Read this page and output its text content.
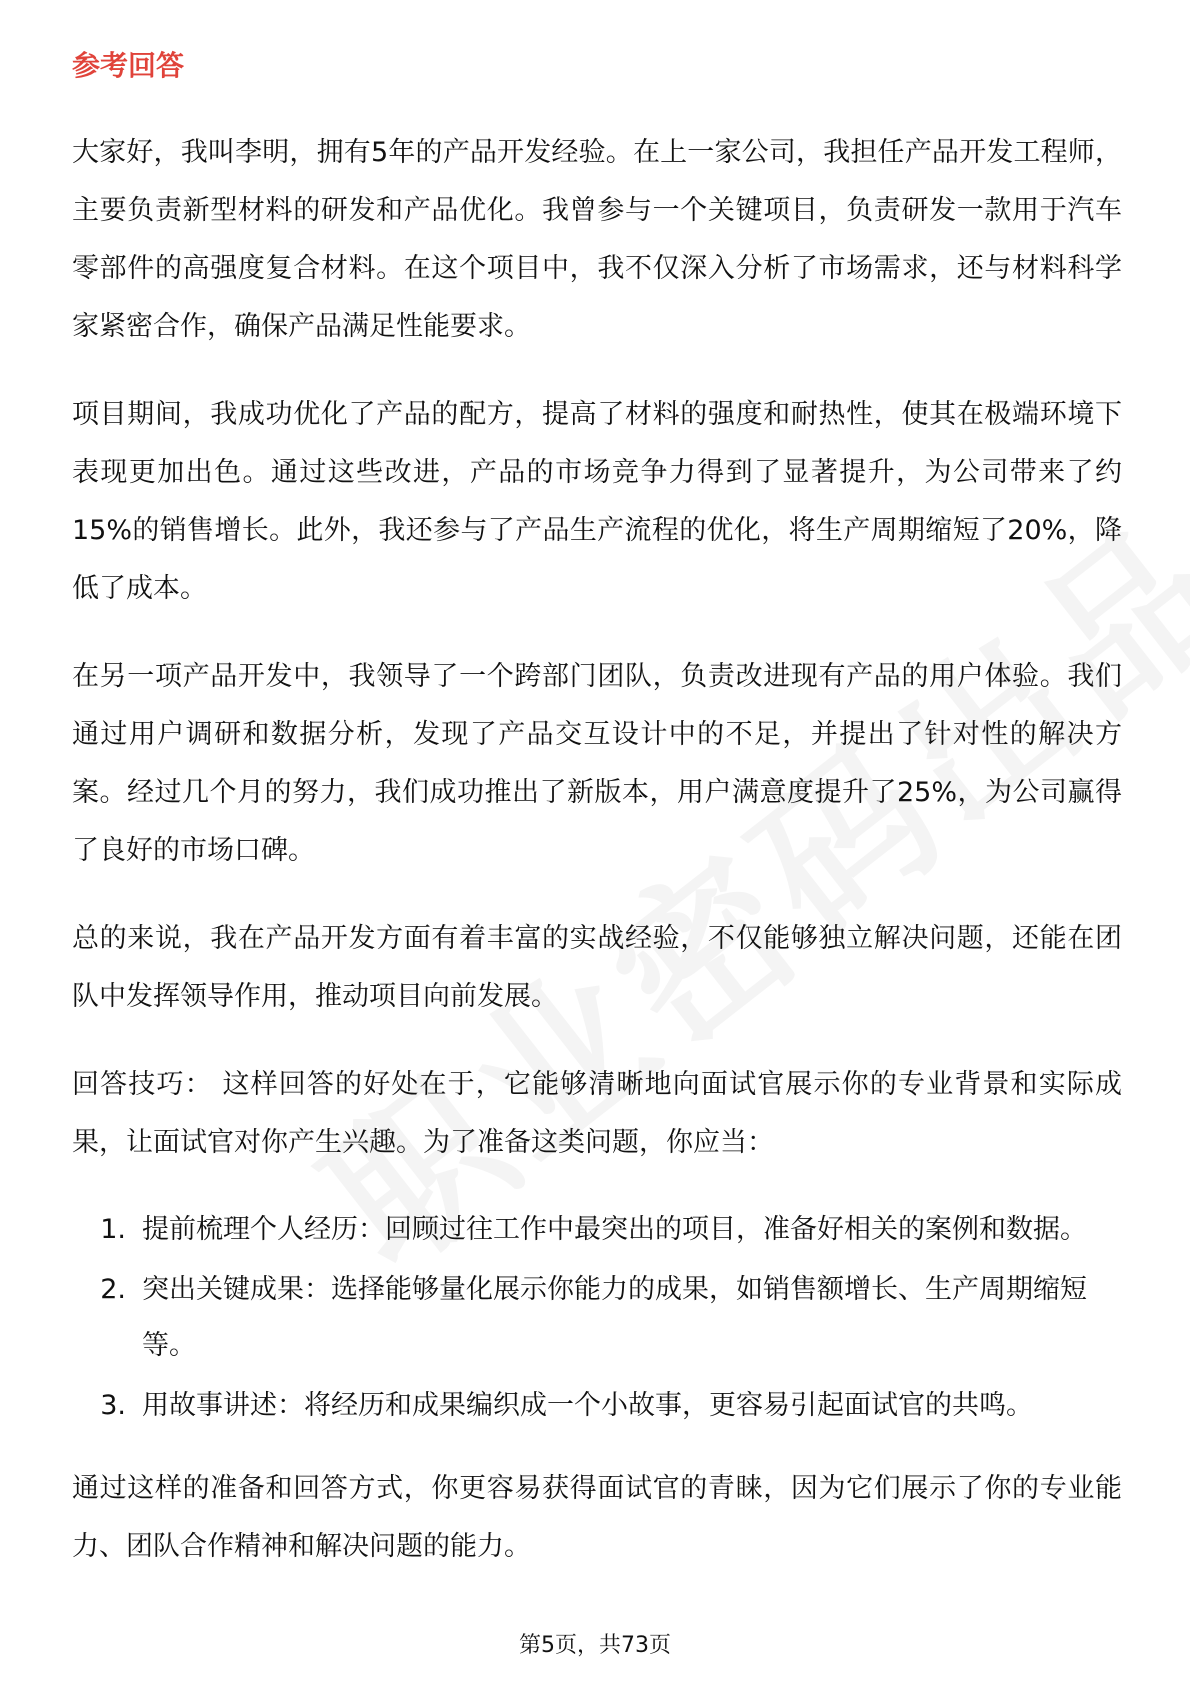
参考回答

大家好，我叫李明，拥有5年的产品开发经验。在上一家公司，我担任产品开发工程师，主要负责新型材料的研发和产品优化。我曾参与一个关键项目，负责研发一款用于汽车零部件的高强度复合材料。在这个项目中，我不仅深入分析了市场需求，还与材料科学家紧密合作，确保产品满足性能要求。

项目期间，我成功优化了产品的配方，提高了材料的强度和耐热性，使其在极端环境下表现更加出色。通过这些改进，产品的市场竞争力得到了显著提升，为公司带来了约15%的销售增长。此外，我还参与了产品生产流程的优化，将生产周期缩短了20%，降低了成本。

在另一项产品开发中，我领导了一个跨部门团队，负责改进现有产品的用户体验。我们通过用户调研和数据分析，发现了产品交互设计中的不足，并提出了针对性的解决方案。经过几个月的努力，我们成功推出了新版本，用户满意度提升了25%，为公司赢得了良好的市场口碑。

总的来说，我在产品开发方面有着丰富的实战经验，不仅能够独立解决问题，还能在团队中发挥领导作用，推动项目向前发展。

回答技巧： 这样回答的好处在于，它能够清晰地向面试官展示你的专业背景和实际成果，让面试官对你产生兴趣。为了准备这类问题，你应当：

1. 提前梳理个人经历：回顾过往工作中最突出的项目，准备好相关的案例和数据。
2. 突出关键成果：选择能够量化展示你能力的成果，如销售额增长、生产周期缩短等。
3. 用故事讲述：将经历和成果编织成一个小故事，更容易引起面试官的共鸣。

通过这样的准备和回答方式，你更容易获得面试官的青睐，因为它们展示了你的专业能力、团队合作精神和解决问题的能力。

第5页，共73页
